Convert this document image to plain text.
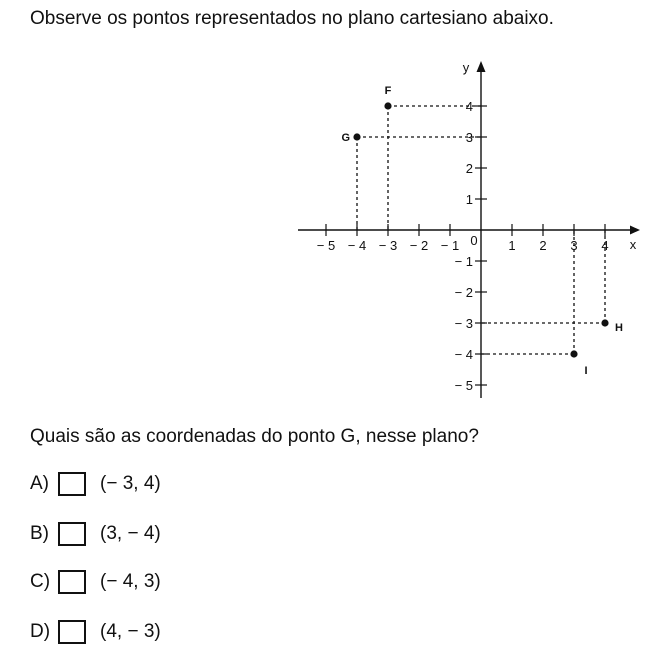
Observe os pontos representados no plano cartesiano abaixo.

x
y
0
− 5 − 4 − 3 − 2 − 1	1 2 3 4
4
3
2
1
− 1
− 2
− 3
− 4
− 5
F
G
H
I

Quais são as coordenadas do ponto G, nesse plano?

A)	(− 3, 4)
B)	(3, − 4)
C)	(− 4, 3)
D)	(4, − 3)
